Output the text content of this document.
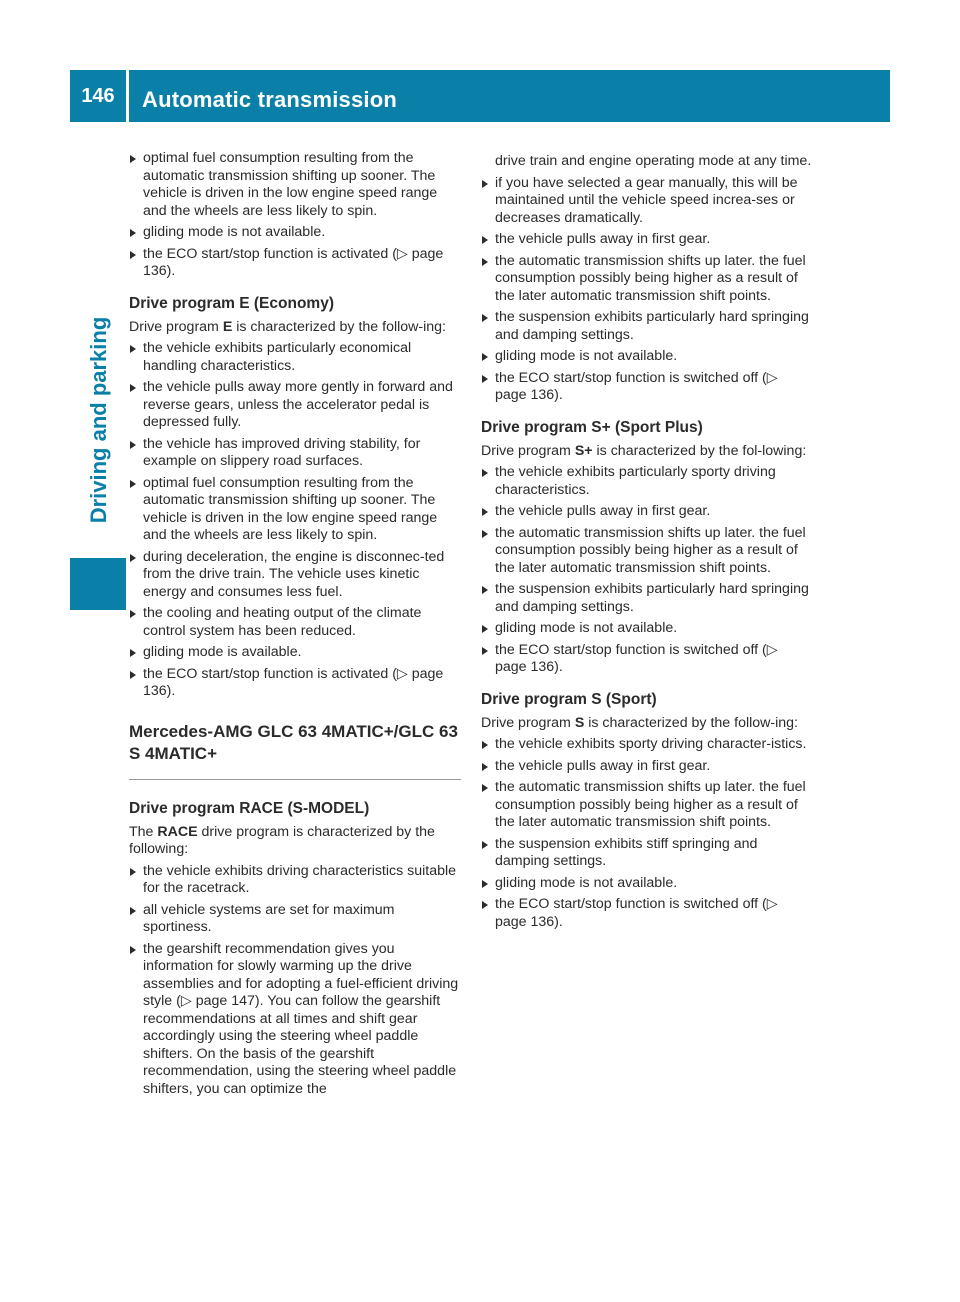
146	Automatic transmission
Driving and parking
optimal fuel consumption resulting from the automatic transmission shifting up sooner. The vehicle is driven in the low engine speed range and the wheels are less likely to spin.
gliding mode is not available.
the ECO start/stop function is activated (▷ page 136).
Drive program E (Economy)

Drive program E is characterized by the follow-ing:

the vehicle exhibits particularly economical handling characteristics.
the vehicle pulls away more gently in forward and reverse gears, unless the accelerator pedal is depressed fully.
the vehicle has improved driving stability, for example on slippery road surfaces.
optimal fuel consumption resulting from the automatic transmission shifting up sooner. The vehicle is driven in the low engine speed range and the wheels are less likely to spin.
during deceleration, the engine is disconnec-ted from the drive train. The vehicle uses kinetic energy and consumes less fuel.
the cooling and heating output of the climate control system has been reduced.
gliding mode is available.
the ECO start/stop function is activated (▷ page 136).
Mercedes-AMG GLC 63 4MATIC+/GLC 63 S 4MATIC+
Drive program RACE (S-MODEL)

The RACE drive program is characterized by the following:

the vehicle exhibits driving characteristics suitable for the racetrack.
all vehicle systems are set for maximum sportiness.
the gearshift recommendation gives you information for slowly warming up the drive assemblies and for adopting a fuel-efficient driving style (▷ page 147). You can follow the gearshift recommendations at all times and shift gear accordingly using the steering wheel paddle shifters. On the basis of the gearshift recommendation, using the steering wheel paddle shifters, you can optimize the
drive train and engine operating mode at any time.
if you have selected a gear manually, this will be maintained until the vehicle speed increa-ses or decreases dramatically.
the vehicle pulls away in first gear.
the automatic transmission shifts up later. the fuel consumption possibly being higher as a result of the later automatic transmission shift points.
the suspension exhibits particularly hard springing and damping settings.
gliding mode is not available.
the ECO start/stop function is switched off (▷ page 136).
Drive program S+ (Sport Plus)

Drive program S+ is characterized by the fol-lowing:

the vehicle exhibits particularly sporty driving characteristics.
the vehicle pulls away in first gear.
the automatic transmission shifts up later. the fuel consumption possibly being higher as a result of the later automatic transmission shift points.
the suspension exhibits particularly hard springing and damping settings.
gliding mode is not available.
the ECO start/stop function is switched off (▷ page 136).
Drive program S (Sport)

Drive program S is characterized by the follow-ing:

the vehicle exhibits sporty driving character-istics.
the vehicle pulls away in first gear.
the automatic transmission shifts up later. the fuel consumption possibly being higher as a result of the later automatic transmission shift points.
the suspension exhibits stiff springing and damping settings.
gliding mode is not available.
the ECO start/stop function is switched off (▷ page 136).
